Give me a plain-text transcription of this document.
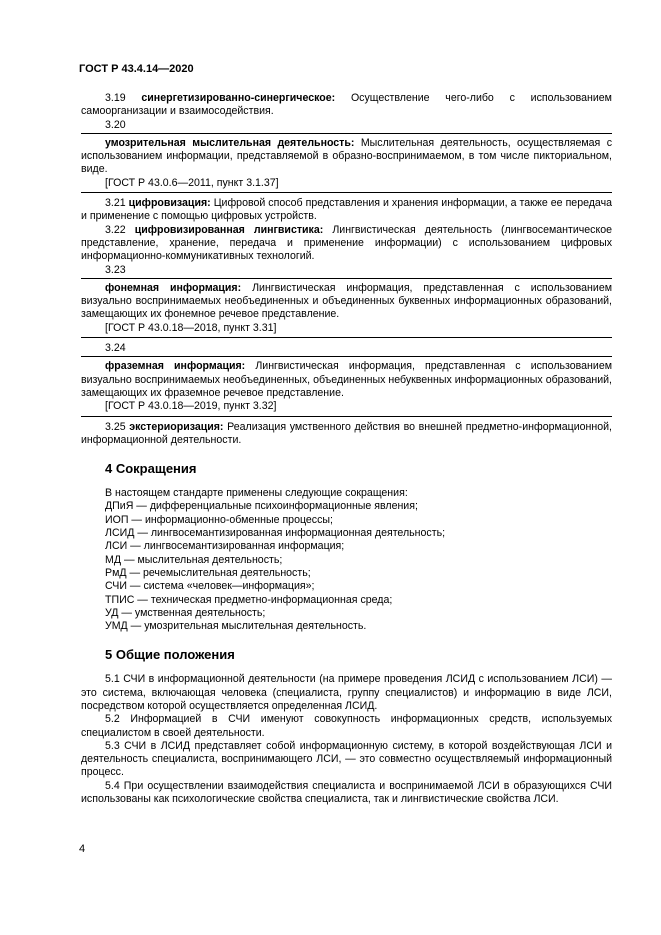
ГОСТ Р 43.4.14—2020

3.19 синергетизированно-синергическое: Осуществление чего-либо с использованием самоорганизации и взаимосодействия.

3.20

умозрительная мыслительная деятельность: Мыслительная деятельность, осуществляемая с использованием информации, представляемой в образно-воспринимаемом, в том числе пиктoриальном, виде.

[ГОСТ Р 43.0.6—2011, пункт 3.1.37]

3.21 цифровизация: Цифровой способ представления и хранения информации, а также ее передача и применение с помощью цифровых устройств.

3.22 цифровизированная лингвистика: Лингвистическая деятельность (лингвосемантическое представление, хранение, передача и применение информации) с использованием цифровых информационно-коммуникативных технологий.

3.23

фонемная информация: Лингвистическая информация, представленная с использованием визуально воспринимаемых необъединенных и объединенных буквенных информационных образований, замещающих их фонемное речевое представление.

[ГОСТ Р 43.0.18—2018, пункт 3.31]

3.24

фраземная информация: Лингвистическая информация, представленная с использованием визуально воспринимаемых необъединенных, объединенных небуквенных информационных образований, замещающих их фраземное речевое представление.

[ГОСТ Р 43.0.18—2019, пункт 3.32]

3.25 экстериоризация: Реализация умственного действия во внешней предметно-информационной, информационной деятельности.

4 Сокращения

В настоящем стандарте применены следующие сокращения:

ДПиЯ — дифференциальные психоинформационные явления;

ИОП — информационно-обменные процессы;

ЛСИД — лингвосемантизированная информационная деятельность;

ЛСИ — лингвосемантизированная информация;

МД — мыслительная деятельность;

РмД — речемыслительная деятельность;

СЧИ — система «человек—информация»;

ТПИС — техническая предметно-информационная среда;

УД — умственная деятельность;

УМД — умозрительная мыслительная деятельность.

5 Общие положения

5.1 СЧИ в информационной деятельности (на примере проведения ЛСИД с использованием ЛСИ) — это система, включающая человека (специалиста, группу специалистов) и информацию в виде ЛСИ, посредством которой осуществляется определенная ЛСИД.

5.2 Информацией в СЧИ именуют совокупность информационных средств, используемых специалистом в своей деятельности.

5.3 СЧИ в ЛСИД представляет собой информационную систему, в которой воздействующая ЛСИ и деятельность специалиста, воспринимающего ЛСИ, — это совместно осуществляемый информационный процесс.

5.4 При осуществлении взаимодействия специалиста и воспринимаемой ЛСИ в образующихся СЧИ использованы как психологические свойства специалиста, так и лингвистические свойства ЛСИ.

4
